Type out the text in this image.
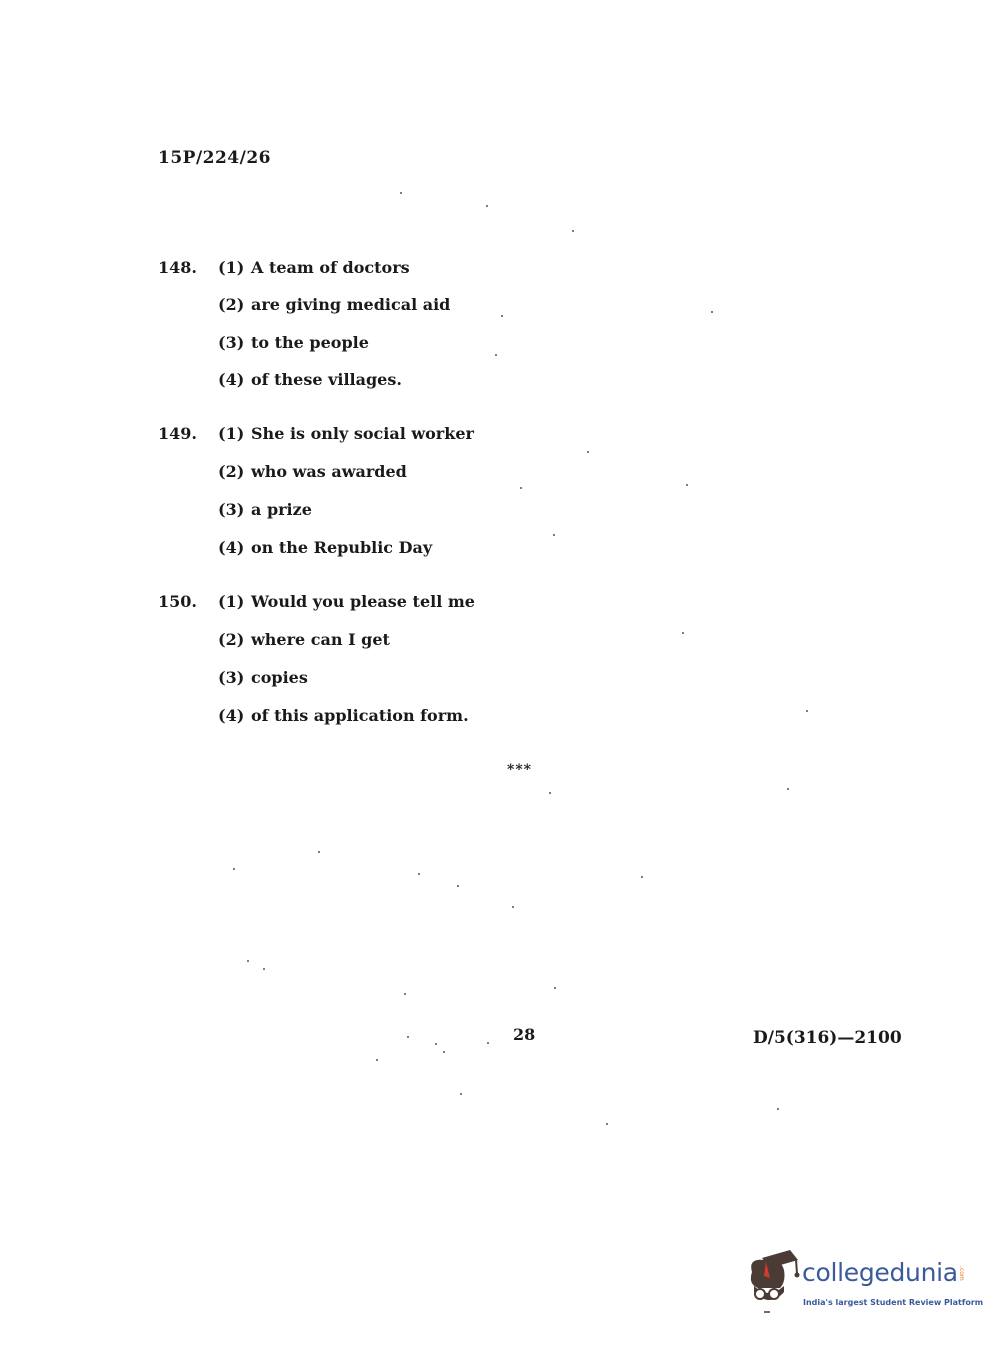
15P/224/26
148. (1) A team of doctors
(2) are giving medical aid
(3) to the people
(4) of these villages.
149. (1) She is only social worker
(2) who was awarded
(3) a prize
(4) on the Republic Day
150. (1) Would you please tell me
(2) where can I get
(3) copies
(4) of this application form.
***
28	D/5(316)—2100
collegedunia .com
India's largest Student Review Platform
